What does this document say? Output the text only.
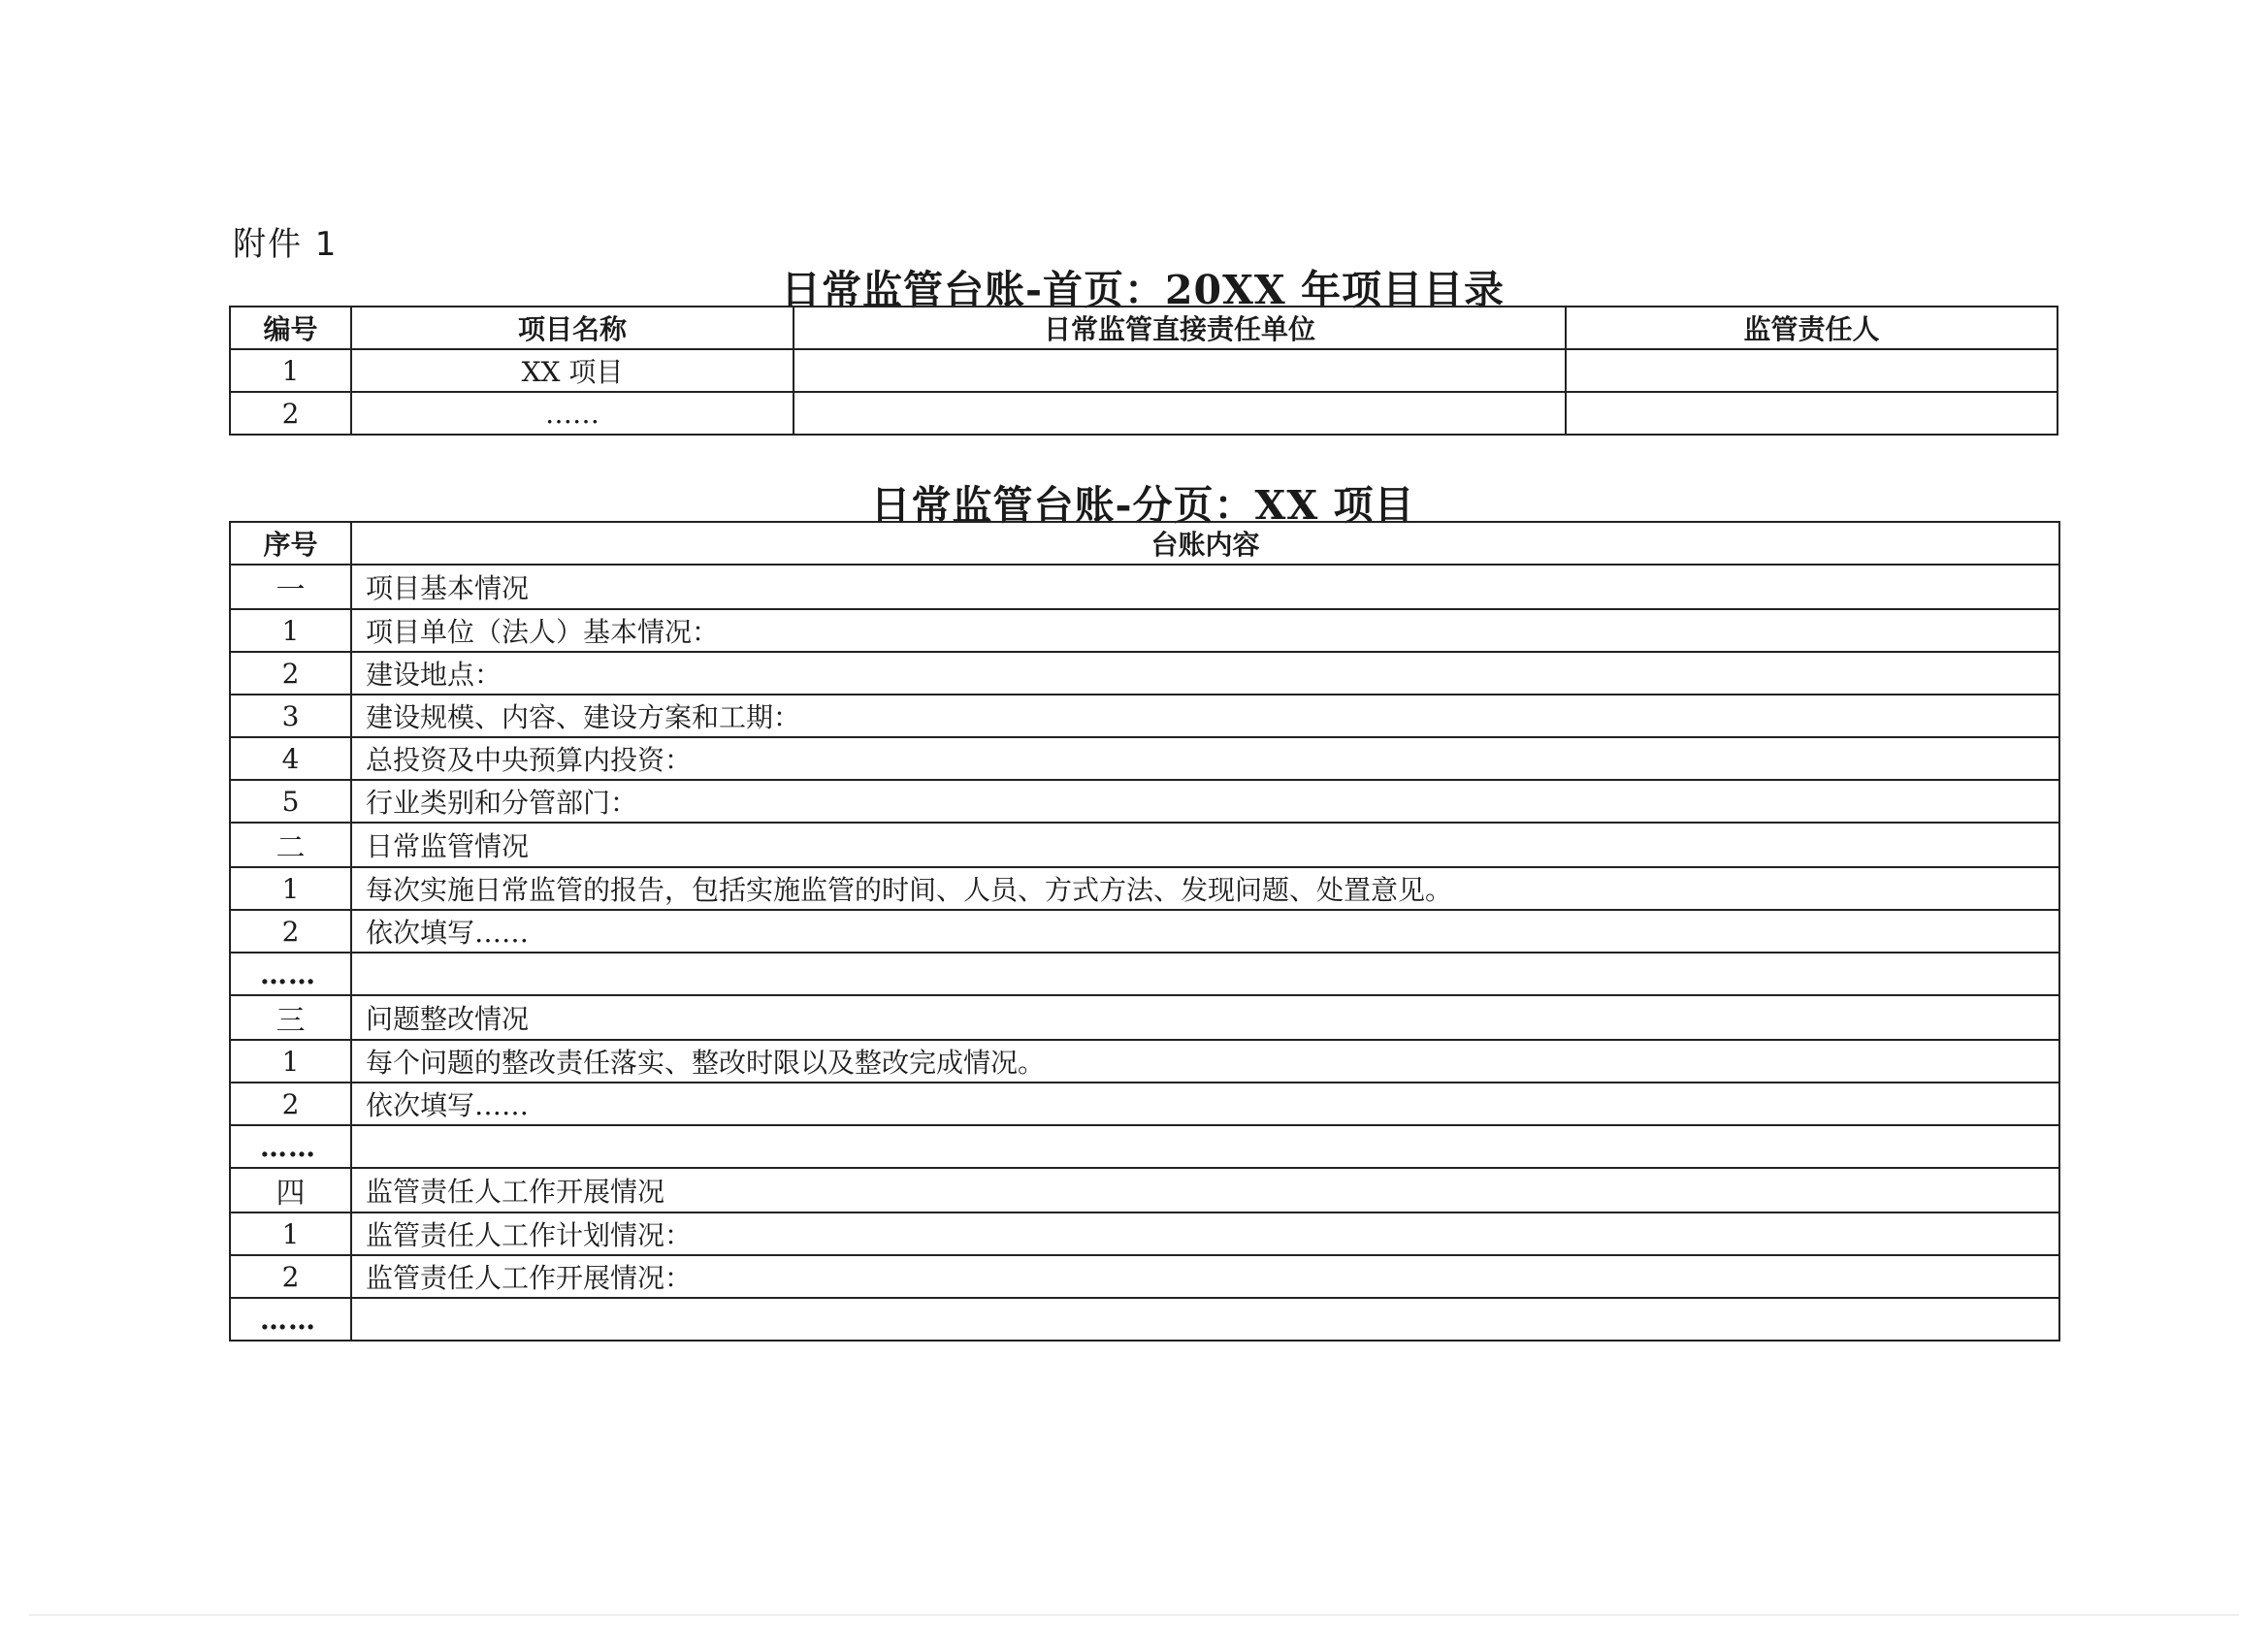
附件 1
日常监管台账-首页：20XX 年项目目录
编号	项目名称	日常监管直接责任单位	监管责任人
1	XX 项目		
2	……		
日常监管台账-分页：XX 项目
序号	台账内容
一	项目基本情况
1	项目单位（法人）基本情况：
2	建设地点：
3	建设规模、内容、建设方案和工期：
4	总投资及中央预算内投资：
5	行业类别和分管部门：
二	日常监管情况
1	每次实施日常监管的报告，包括实施监管的时间、人员、方式方法、发现问题、处置意见。
2	依次填写……
……	
三	问题整改情况
1	每个问题的整改责任落实、整改时限以及整改完成情况。
2	依次填写……
……	
四	监管责任人工作开展情况
1	监管责任人工作计划情况：
2	监管责任人工作开展情况：
……	
